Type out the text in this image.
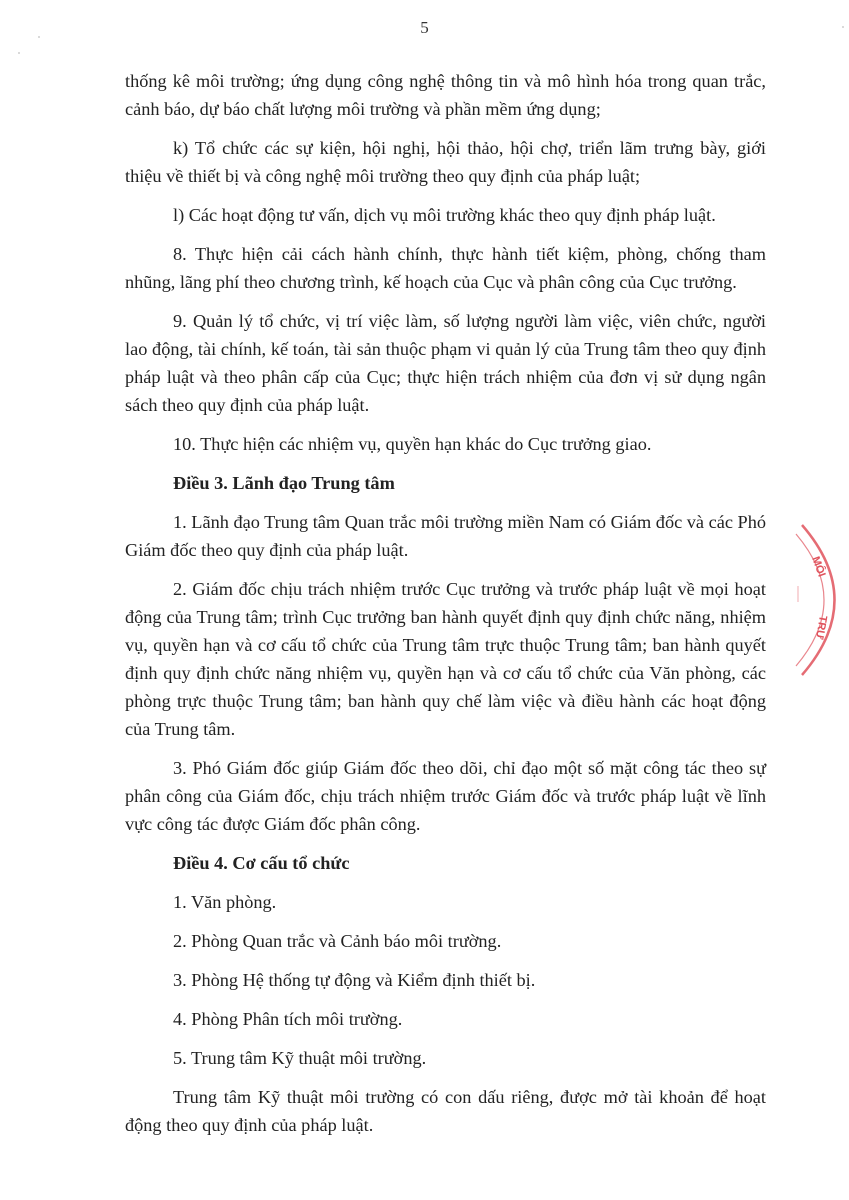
5

thống kê môi trường; ứng dụng công nghệ thông tin và mô hình hóa trong quan trắc, cảnh báo, dự báo chất lượng môi trường và phần mềm ứng dụng;

k) Tổ chức các sự kiện, hội nghị, hội thảo, hội chợ, triển lãm trưng bày, giới thiệu về thiết bị và công nghệ môi trường theo quy định của pháp luật;

l) Các hoạt động tư vấn, dịch vụ môi trường khác theo quy định pháp luật.

8. Thực hiện cải cách hành chính, thực hành tiết kiệm, phòng, chống tham nhũng, lãng phí theo chương trình, kế hoạch của Cục và phân công của Cục trưởng.

9. Quản lý tổ chức, vị trí việc làm, số lượng người làm việc, viên chức, người lao động, tài chính, kế toán, tài sản thuộc phạm vi quản lý của Trung tâm theo quy định pháp luật và theo phân cấp của Cục; thực hiện trách nhiệm của đơn vị sử dụng ngân sách theo quy định của pháp luật.

10. Thực hiện các nhiệm vụ, quyền hạn khác do Cục trưởng giao.

Điều 3. Lãnh đạo Trung tâm

1. Lãnh đạo Trung tâm Quan trắc môi trường miền Nam có Giám đốc và các Phó Giám đốc theo quy định của pháp luật.

2. Giám đốc chịu trách nhiệm trước Cục trưởng và trước pháp luật về mọi hoạt động của Trung tâm; trình Cục trưởng ban hành quyết định quy định chức năng, nhiệm vụ, quyền hạn và cơ cấu tổ chức của Trung tâm trực thuộc Trung tâm; ban hành quyết định quy định chức năng nhiệm vụ, quyền hạn và cơ cấu tổ chức của Văn phòng, các phòng trực thuộc Trung tâm; ban hành quy chế làm việc và điều hành các hoạt động của Trung tâm.

3. Phó Giám đốc giúp Giám đốc theo dõi, chỉ đạo một số mặt công tác theo sự phân công của Giám đốc, chịu trách nhiệm trước Giám đốc và trước pháp luật về lĩnh vực công tác được Giám đốc phân công.

Điều 4. Cơ cấu tổ chức
1. Văn phòng.
2. Phòng Quan trắc và Cảnh báo môi trường.
3. Phòng Hệ thống tự động và Kiểm định thiết bị.
4. Phòng Phân tích môi trường.
5. Trung tâm Kỹ thuật môi trường.

Trung tâm Kỹ thuật môi trường có con dấu riêng, được mở tài khoản để hoạt động theo quy định của pháp luật.

MÔI
TRƯ
